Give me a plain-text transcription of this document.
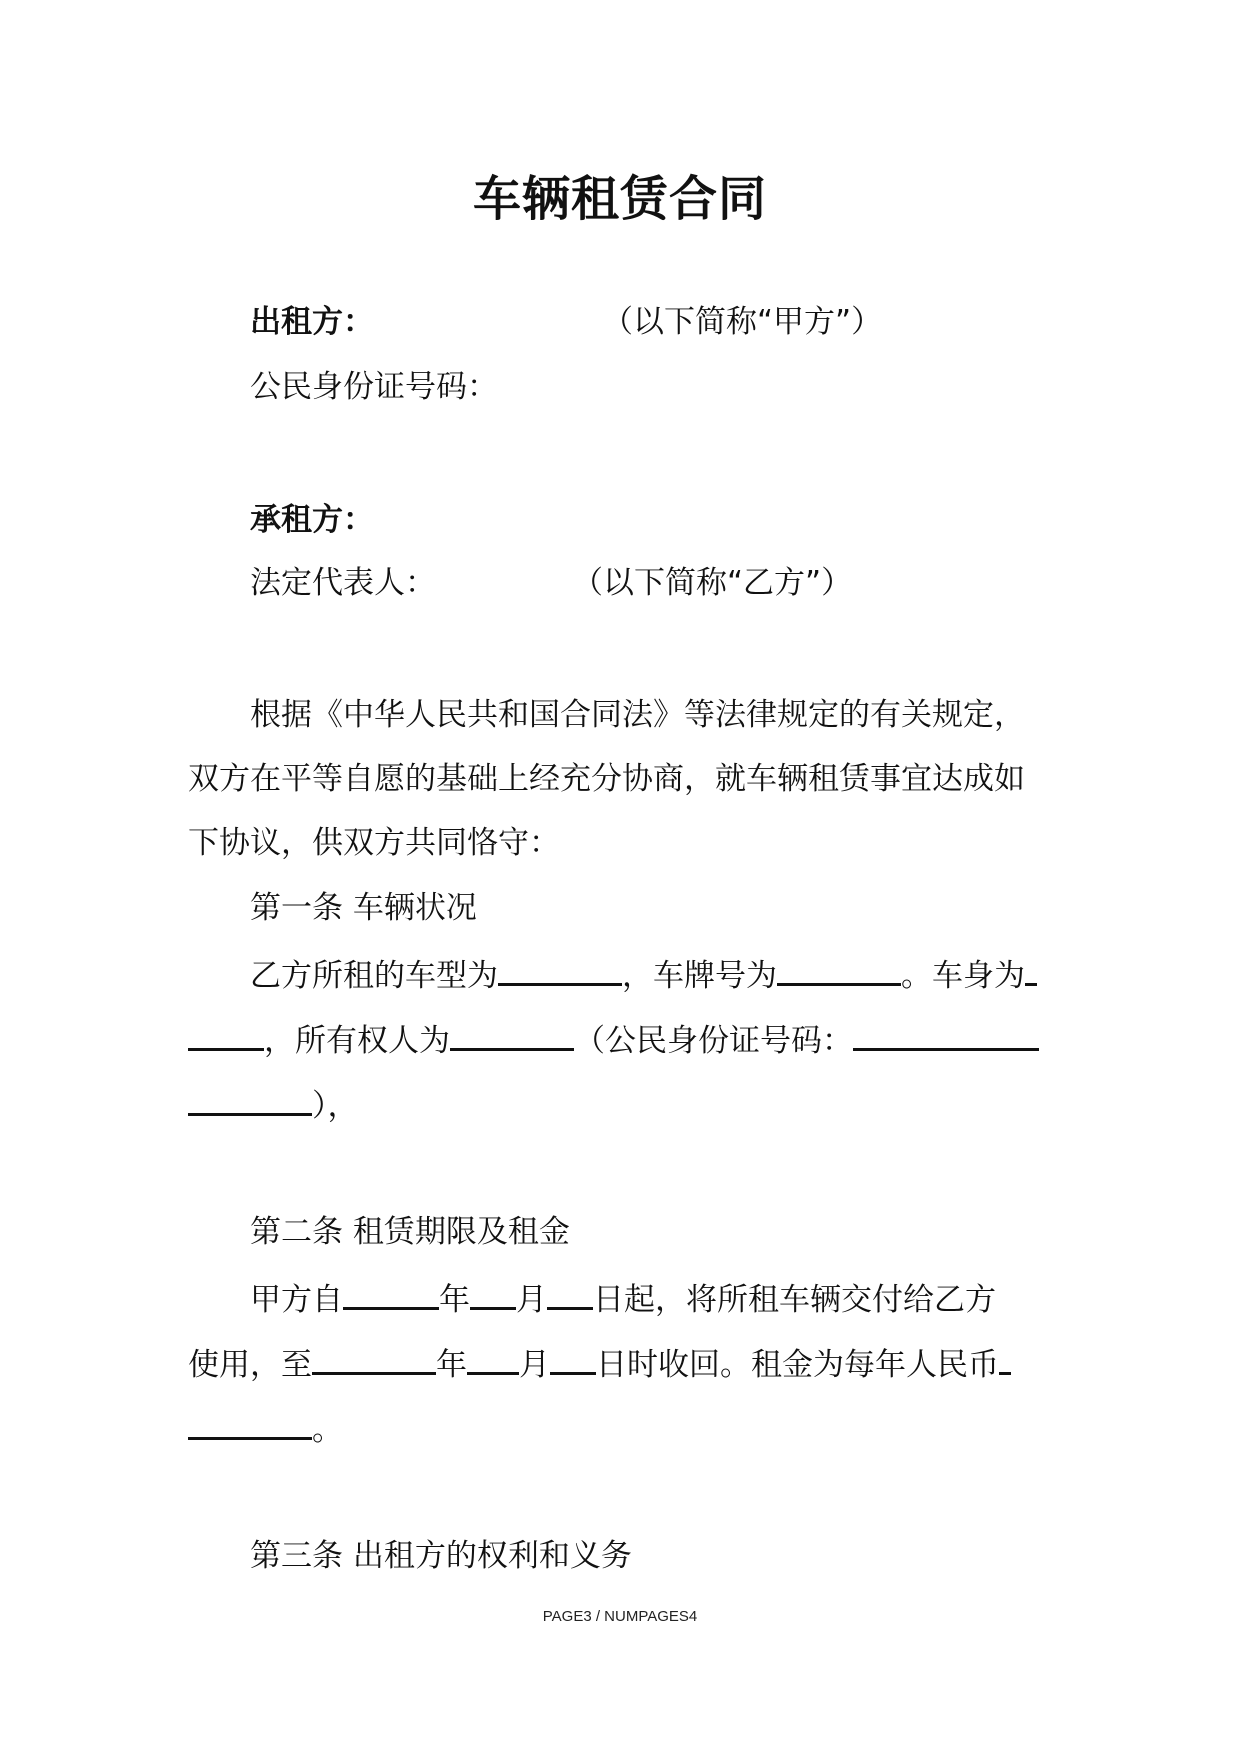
车辆租赁合同
出租方：	（以下简称“甲方”）
公民身份证号码：
承租方：
法定代表人：	（以下简称“乙方”）
根据《中华人民共和国合同法》等法律规定的有关规定，
双方在平等自愿的基础上经充分协商，就车辆租赁事宜达成如
下协议，供双方共同恪守：
第一条 车辆状况
乙方所租的车型为	，车牌号为	。车身为
，所有权人为	（公民身份证号码：
），
第二条 租赁期限及租金
甲方自	年 月 日起，将所租车辆交付给乙方
使用，至	年 月 日时收回。租金为每年人民币
。
第三条 出租方的权利和义务
PAGE3 / NUMPAGES4
